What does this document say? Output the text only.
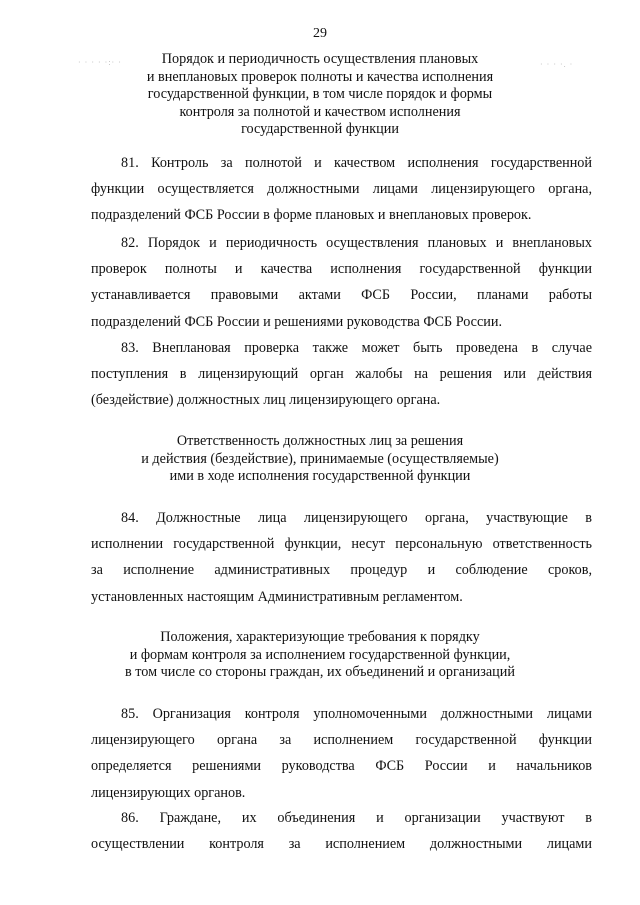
· · · · ·:· ·	· · · ·. ·
29
Порядок и периодичность осуществления плановых
и внеплановых проверок полноты и качества исполнения
государственной функции, в том числе порядок и формы
контроля за полнотой и качеством исполнения
государственной функции
81. Контроль за полнотой и качеством исполнения государственной
функции осуществляется должностными лицами лицензирующего органа,
подразделений ФСБ России в форме плановых и внеплановых проверок.
82. Порядок и периодичность осуществления плановых и внеплановых
проверок полноты и качества исполнения государственной функции
устанавливается правовыми актами ФСБ России, планами работы
подразделений ФСБ России и решениями руководства ФСБ России.
83. Внеплановая проверка также может быть проведена в случае
поступления в лицензирующий орган жалобы на решения или действия
(бездействие) должностных лиц лицензирующего органа.
Ответственность должностных лиц за решения
и действия (бездействие), принимаемые (осуществляемые)
ими в ходе исполнения государственной функции
84. Должностные лица лицензирующего органа, участвующие в
исполнении государственной функции, несут персональную ответственность
за исполнение административных процедур и соблюдение сроков,
установленных настоящим Административным регламентом.
Положения, характеризующие требования к порядку
и формам контроля за исполнением государственной функции,
в том числе со стороны граждан, их объединений и организаций
85. Организация контроля уполномоченными должностными лицами
лицензирующего органа за исполнением государственной функции
определяется решениями руководства ФСБ России и начальников
лицензирующих органов.
86. Граждане, их объединения и организации участвуют в
осуществлении контроля за исполнением должностными лицами
